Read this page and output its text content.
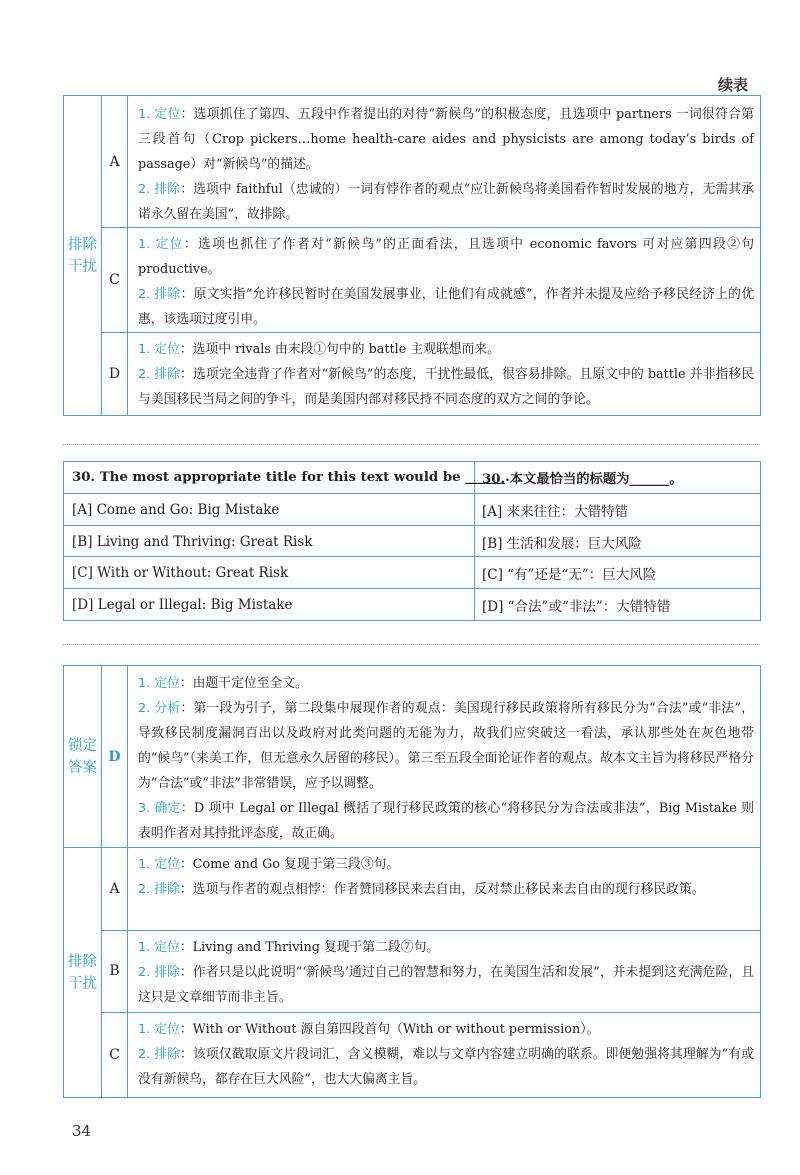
续表
排除
干扰
A

1. 定位：选项抓住了第四、五段中作者提出的对待“新候鸟”的积极态度，且选项中 partners 一词很符合第三段首句（Crop pickers…home health-care aides and physicists are among today’s birds of passage）对“新候鸟”的描述。

2. 排除：选项中 faithful（忠诚的）一词有悖作者的观点“应让新候鸟将美国看作暂时发展的地方，无需其承诺永久留在美国”，故排除。

C

1. 定位：选项也抓住了作者对“新候鸟”的正面看法，且选项中 economic favors 可对应第四段②句 productive。

2. 排除：原文实指“允许移民暂时在美国发展事业，让他们有成就感”，作者并未提及应给予移民经济上的优惠，该选项过度引申。

D

1. 定位：选项中 rivals 由末段①句中的 battle 主观联想而来。

2. 排除：选项完全违背了作者对“新候鸟”的态度，干扰性最低，很容易排除。且原文中的 battle 并非指移民与美国移民当局之间的争斗，而是美国内部对移民持不同态度的双方之间的争论。

30. The most appropriate title for this text would be ______.
30. 本文最恰当的标题为______。
[A] Come and Go: Big Mistake
[B] Living and Thriving: Great Risk
[C] With or Without: Great Risk
[D] Legal or Illegal: Big Mistake
[A] 来来往往：大错特错
[B] 生活和发展：巨大风险
[C] “有”还是“无”：巨大风险
[D] “合法”或“非法”：大错特错
锁定
答案
D

1. 定位：由题干定位至全文。

2. 分析：第一段为引子，第二段集中展现作者的观点：美国现行移民政策将所有移民分为“合法”或“非法”，导致移民制度漏洞百出以及政府对此类问题的无能为力，故我们应突破这一看法，承认那些处在灰色地带的“候鸟”（来美工作，但无意永久居留的移民）。第三至五段全面论证作者的观点。故本文主旨为将移民严格分为“合法”或“非法”非常错误，应予以调整。

3. 确定：D 项中 Legal or Illegal 概括了现行移民政策的核心“将移民分为合法或非法”，Big Mistake 则表明作者对其持批评态度，故正确。

排除
干扰
A

1. 定位：Come and Go 复现于第三段③句。

2. 排除：选项与作者的观点相悖：作者赞同移民来去自由，反对禁止移民来去自由的现行移民政策。

B

1. 定位：Living and Thriving 复现于第二段⑦句。

2. 排除：作者只是以此说明“‘新候鸟’通过自己的智慧和努力，在美国生活和发展”，并未提到这充满危险，且这只是文章细节而非主旨。

C

1. 定位：With or Without 源自第四段首句（With or without permission）。

2. 排除：该项仅截取原文片段词汇，含义模糊，难以与文章内容建立明确的联系。即便勉强将其理解为“有或没有新候鸟，都存在巨大风险”，也大大偏离主旨。

34
